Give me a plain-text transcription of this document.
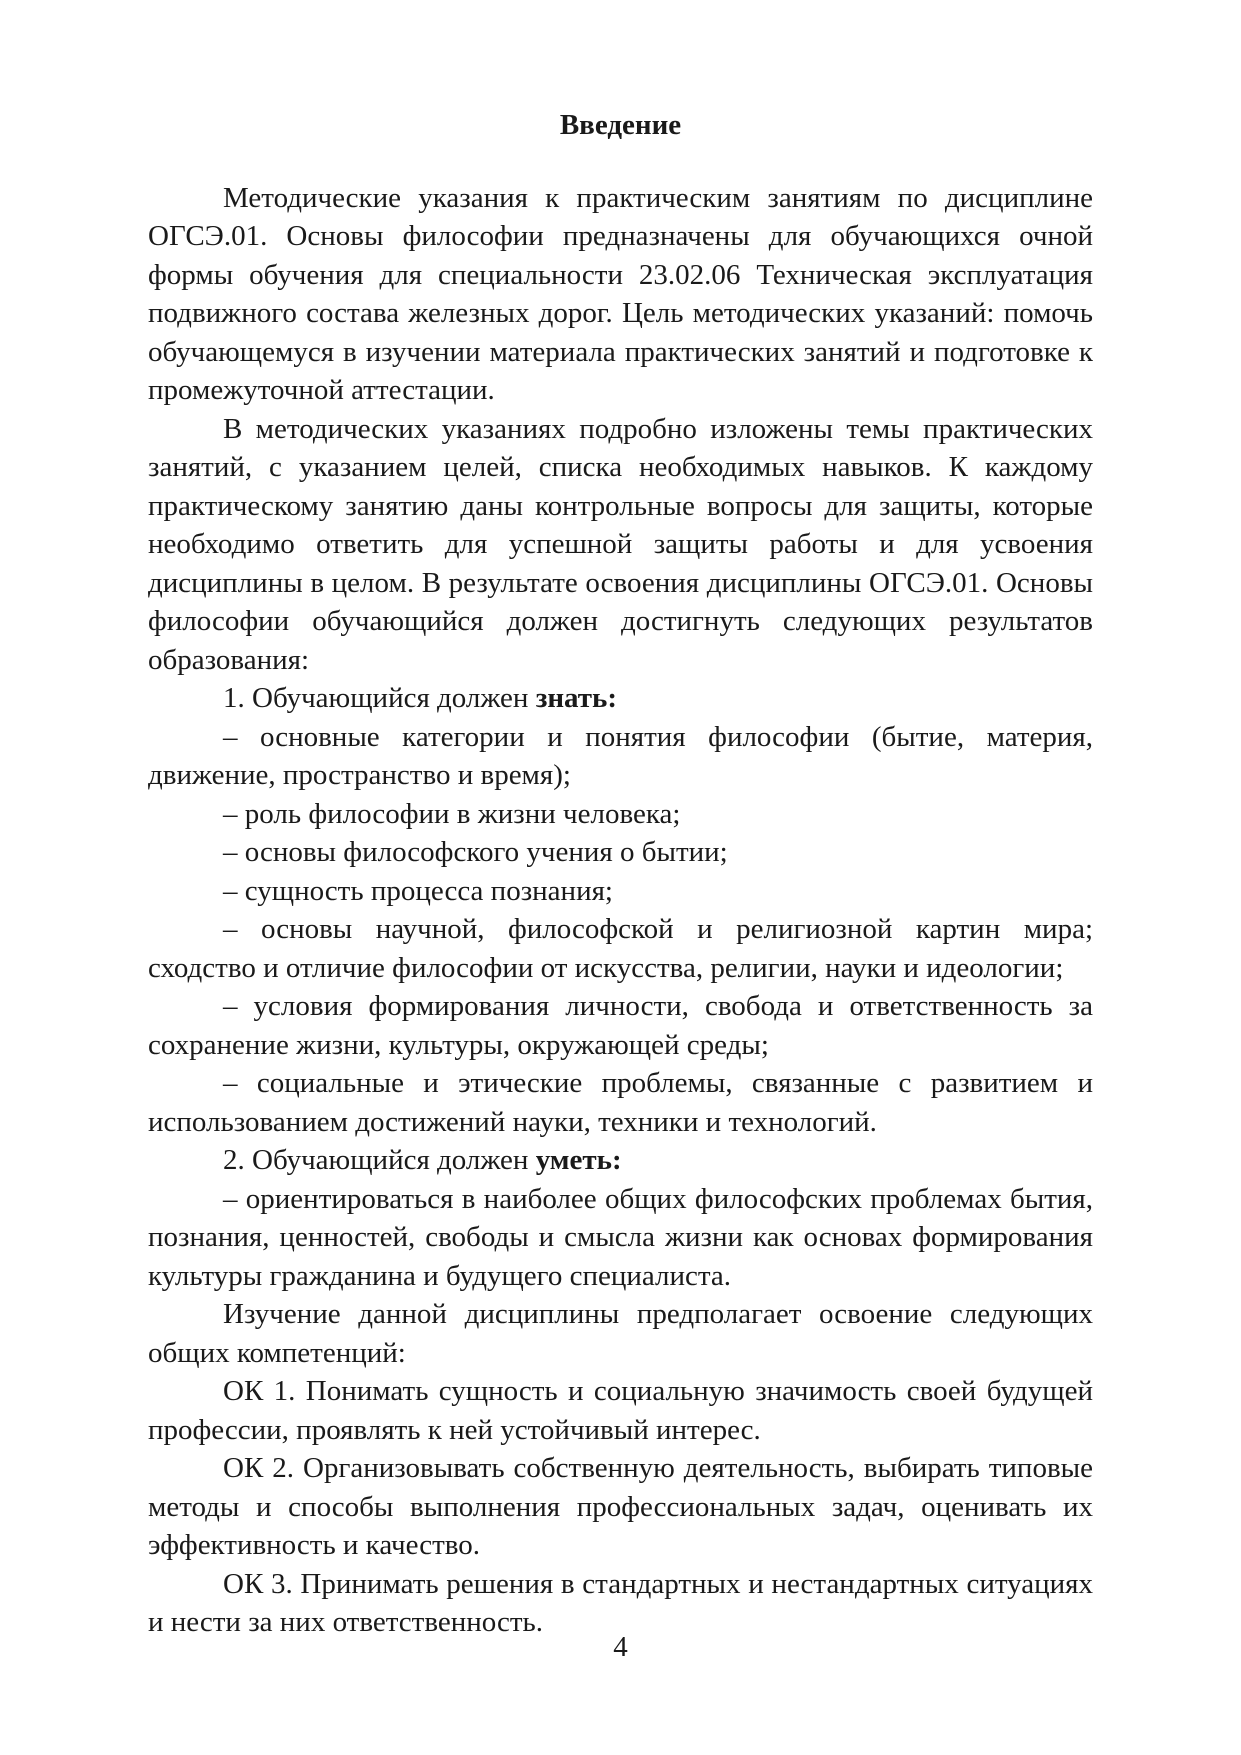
Введение

Методические указания к практическим занятиям по дисциплине ОГСЭ.01. Основы философии предназначены для обучающихся очной формы обучения для специальности 23.02.06 Техническая эксплуатация подвижного состава железных дорог. Цель методических указаний: помочь обучающемуся в изучении материала практических занятий и подготовке к промежуточной аттестации.

В методических указаниях подробно изложены темы практических занятий, с указанием целей, списка необходимых навыков. К каждому практическому занятию даны контрольные вопросы для защиты, которые необходимо ответить для успешной защиты работы и для усвоения дисциплины в целом. В результате освоения дисциплины ОГСЭ.01. Основы философии обучающийся должен достигнуть следующих результатов образования:

1. Обучающийся должен знать:

– основные категории и понятия философии (бытие, материя, движение, пространство и время);

– роль философии в жизни человека;

– основы философского учения о бытии;

– сущность процесса познания;

– основы научной, философской и религиозной картин мира; сходство и отличие философии от искусства, религии, науки и идеологии;

– условия формирования личности, свобода и ответственность за сохранение жизни, культуры, окружающей среды;

– социальные и этические проблемы, связанные с развитием и использованием достижений науки, техники и технологий.

2. Обучающийся должен уметь:

– ориентироваться в наиболее общих философских проблемах бытия, познания, ценностей, свободы и смысла жизни как основах формирования культуры гражданина и будущего специалиста.

Изучение данной дисциплины предполагает освоение следующих общих компетенций:

ОК 1. Понимать сущность и социальную значимость своей будущей профессии, проявлять к ней устойчивый интерес.

ОК 2. Организовывать собственную деятельность, выбирать типовые методы и способы выполнения профессиональных задач, оценивать их эффективность и качество.

ОК 3. Принимать решения в стандартных и нестандартных ситуациях и нести за них ответственность.

4
